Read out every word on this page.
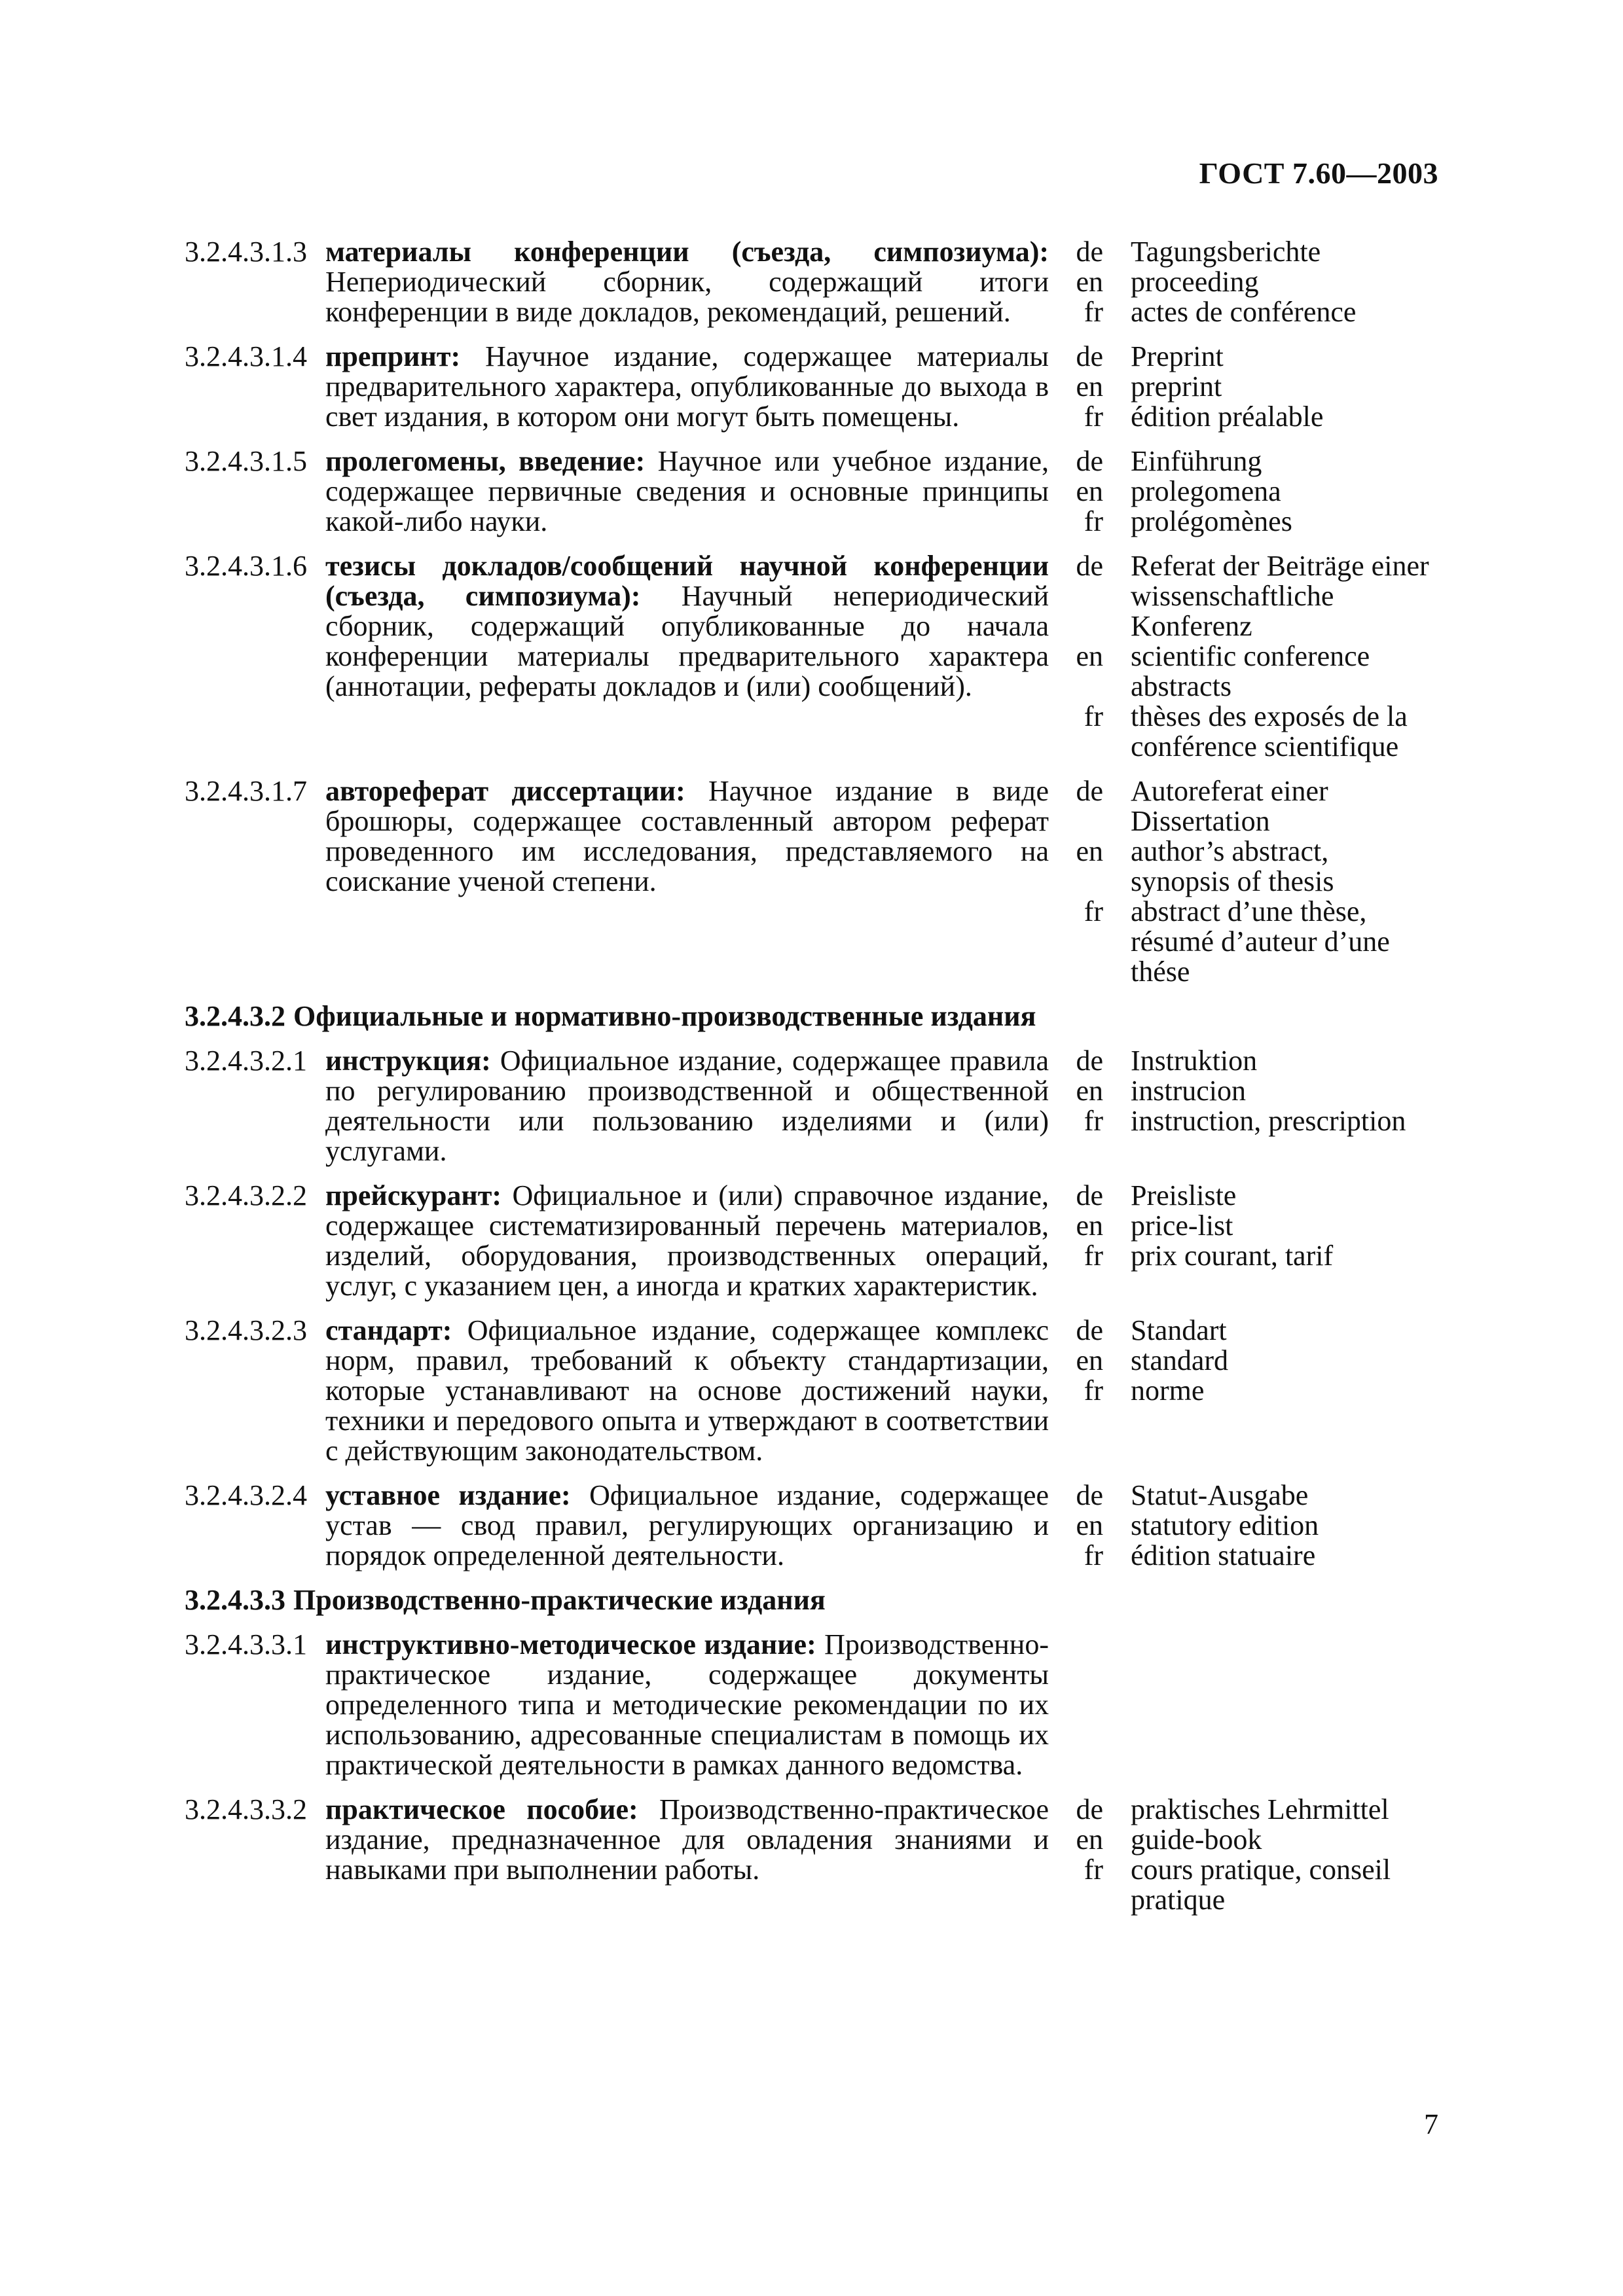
ГОСТ 7.60—2003
3.2.4.3.1.3 материалы конференции (съезда, симпозиума): Непериодический сборник, содержащий итоги конференции в виде докладов, рекомендаций, решений.
de
en
fr
Tagungsberichte
proceeding
actes de conférence
3.2.4.3.1.4 препринт: Научное издание, содержащее материалы предварительного характера, опубликованные до выхода в свет издания, в котором они могут быть помещены.
de
en
fr
Preprint
preprint
édition préalable
3.2.4.3.1.5 пролегомены, введение: Научное или учебное издание, содержащее первичные сведения и основные принципы какой-либо науки.
de
en
fr
Einführung
prolegomena
prolégomènes
3.2.4.3.1.6 тезисы докладов/сообщений научной конференции (съезда, симпозиума): Научный непериодический сборник, содержащий опубликованные до начала конференции материалы предварительного характера (аннотации, рефераты докладов и (или) сообщений).
de

en

fr

Referat der Beiträge einer
wissenschaftliche
Konferenz
scientific conference
abstracts
thèses des exposés de la
conférence scientifique
3.2.4.3.1.7 автореферат диссертации: Научное издание в виде брошюры, содержащее составленный автором реферат проведенного им исследования, представляемого на соискание ученой степени.
de

en

fr

Autoreferat einer
Dissertation
author’s abstract,
synopsis of thesis
abstract d’une thèse,
résumé d’auteur d’une
thése
3.2.4.3.2 Официальные и нормативно-производственные издания
3.2.4.3.2.1 инструкция: Официальное издание, содержащее правила по регулированию производственной и общественной деятельности или пользованию изделиями и (или) услугами.
de
en
fr
Instruktion
instrucion
instruction, prescription
3.2.4.3.2.2 прейскурант: Официальное и (или) справочное издание, содержащее систематизированный перечень материалов, изделий, оборудования, производственных операций, услуг, с указанием цен, а иногда и кратких характеристик.
de
en
fr
Preisliste
price-list
prix courant, tarif
3.2.4.3.2.3 стандарт: Официальное издание, содержащее комплекс норм, правил, требований к объекту стандартизации, которые устанавливают на основе достижений науки, техники и передового опыта и утверждают в соответствии с действующим законодательством.
de
en
fr
Standart
standard
norme
3.2.4.3.2.4 уставное издание: Официальное издание, содержащее устав — свод правил, регулирующих организацию и порядок определенной деятельности.
de
en
fr
Statut-Ausgabe
statutory edition
édition statuaire
3.2.4.3.3 Производственно-практические издания
3.2.4.3.3.1 инструктивно-методическое издание: Производственно-практическое издание, содержащее документы определенного типа и методические рекомендации по их использованию, адресованные специалистам в помощь их практической деятельности в рамках данного ведомства.
3.2.4.3.3.2 практическое пособие: Производственно-практическое издание, предназначенное для овладения знаниями и навыками при выполнении работы.
de
en
fr

praktisches Lehrmittel
guide-book
cours pratique, conseil
pratique
7
